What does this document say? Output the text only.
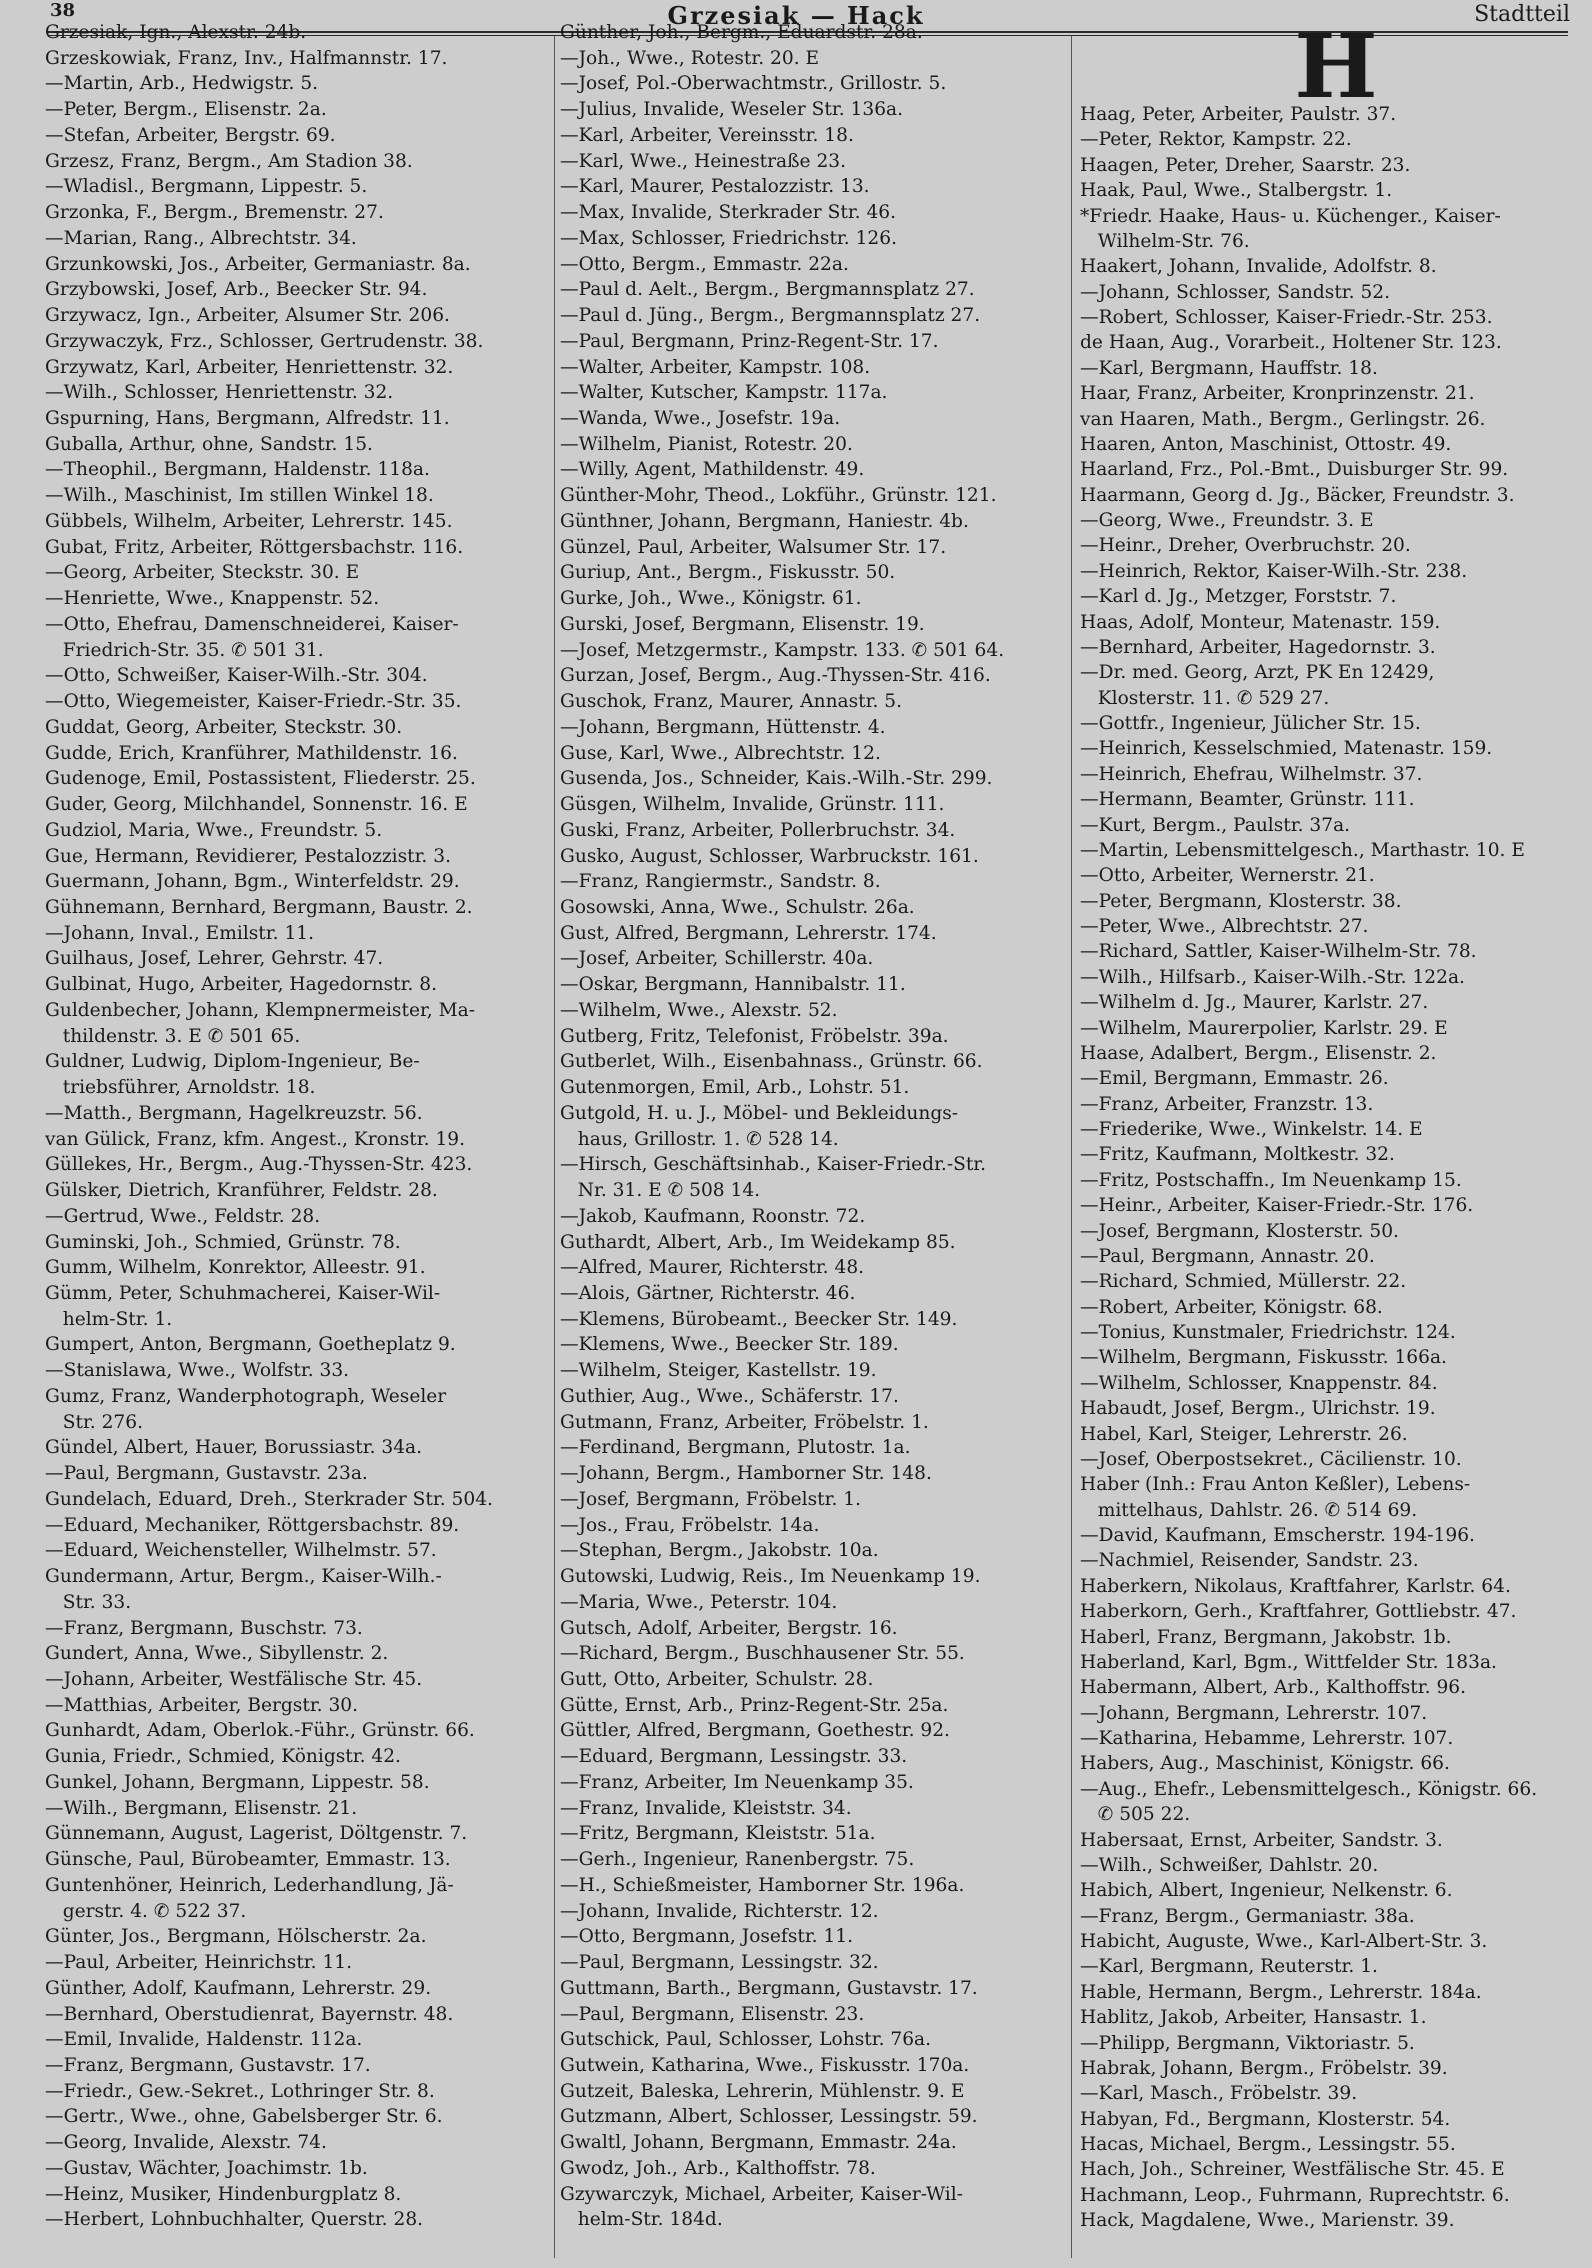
38	Grzesiak — Hack	Stadtteil
Grzesiak, Ign., Alexstr. 24b.
Grzeskowiak, Franz, Inv., Halfmannstr. 17.
—Martin, Arb., Hedwigstr. 5.
—Peter, Bergm., Elisenstr. 2a.
—Stefan, Arbeiter, Bergstr. 69.
Grzesz, Franz, Bergm., Am Stadion 38.
—Wladisl., Bergmann, Lippestr. 5.
Grzonka, F., Bergm., Bremenstr. 27.
—Marian, Rang., Albrechtstr. 34.
Grzunkowski, Jos., Arbeiter, Germaniastr. 8a.
Grzybowski, Josef, Arb., Beecker Str. 94.
Grzywacz, Ign., Arbeiter, Alsumer Str. 206.
Grzywaczyk, Frz., Schlosser, Gertrudenstr. 38.
Grzywatz, Karl, Arbeiter, Henriettenstr. 32.
—Wilh., Schlosser, Henriettenstr. 32.
Gspurning, Hans, Bergmann, Alfredstr. 11.
Guballa, Arthur, ohne, Sandstr. 15.
—Theophil., Bergmann, Haldenstr. 118a.
—Wilh., Maschinist, Im stillen Winkel 18.
Gübbels, Wilhelm, Arbeiter, Lehrerstr. 145.
Gubat, Fritz, Arbeiter, Röttgersbachstr. 116.
—Georg, Arbeiter, Steckstr. 30. E
—Henriette, Wwe., Knappenstr. 52.
—Otto, Ehefrau, Damenschneiderei, Kaiser-
Friedrich-Str. 35. ✆ 501 31.
—Otto, Schweißer, Kaiser-Wilh.-Str. 304.
—Otto, Wiegemeister, Kaiser-Friedr.-Str. 35.
Guddat, Georg, Arbeiter, Steckstr. 30.
Gudde, Erich, Kranführer, Mathildenstr. 16.
Gudenoge, Emil, Postassistent, Fliederstr. 25.
Guder, Georg, Milchhandel, Sonnenstr. 16. E
Gudziol, Maria, Wwe., Freundstr. 5.
Gue, Hermann, Revidierer, Pestalozzistr. 3.
Guermann, Johann, Bgm., Winterfeldstr. 29.
Gühnemann, Bernhard, Bergmann, Baustr. 2.
—Johann, Inval., Emilstr. 11.
Guilhaus, Josef, Lehrer, Gehrstr. 47.
Gulbinat, Hugo, Arbeiter, Hagedornstr. 8.
Guldenbecher, Johann, Klempnermeister, Ma-
thildenstr. 3. E ✆ 501 65.
Guldner, Ludwig, Diplom-Ingenieur, Be-
triebsführer, Arnoldstr. 18.
—Matth., Bergmann, Hagelkreuzstr. 56.
van Gülick, Franz, kfm. Angest., Kronstr. 19.
Güllekes, Hr., Bergm., Aug.-Thyssen-Str. 423.
Gülsker, Dietrich, Kranführer, Feldstr. 28.
—Gertrud, Wwe., Feldstr. 28.
Guminski, Joh., Schmied, Grünstr. 78.
Gumm, Wilhelm, Konrektor, Alleestr. 91.
Gümm, Peter, Schuhmacherei, Kaiser-Wil-
helm-Str. 1.
Gumpert, Anton, Bergmann, Goetheplatz 9.
—Stanislawa, Wwe., Wolfstr. 33.
Gumz, Franz, Wanderphotograph, Weseler
Str. 276.
Gündel, Albert, Hauer, Borussiastr. 34a.
—Paul, Bergmann, Gustavstr. 23a.
Gundelach, Eduard, Dreh., Sterkrader Str. 504.
—Eduard, Mechaniker, Röttgersbachstr. 89.
—Eduard, Weichensteller, Wilhelmstr. 57.
Gundermann, Artur, Bergm., Kaiser-Wilh.-
Str. 33.
—Franz, Bergmann, Buschstr. 73.
Gundert, Anna, Wwe., Sibyllenstr. 2.
—Johann, Arbeiter, Westfälische Str. 45.
—Matthias, Arbeiter, Bergstr. 30.
Gunhardt, Adam, Oberlok.-Führ., Grünstr. 66.
Gunia, Friedr., Schmied, Königstr. 42.
Gunkel, Johann, Bergmann, Lippestr. 58.
—Wilh., Bergmann, Elisenstr. 21.
Günnemann, August, Lagerist, Döltgenstr. 7.
Günsche, Paul, Bürobeamter, Emmastr. 13.
Guntenhöner, Heinrich, Lederhandlung, Jä-
gerstr. 4. ✆ 522 37.
Günter, Jos., Bergmann, Hölscherstr. 2a.
—Paul, Arbeiter, Heinrichstr. 11.
Günther, Adolf, Kaufmann, Lehrerstr. 29.
—Bernhard, Oberstudienrat, Bayernstr. 48.
—Emil, Invalide, Haldenstr. 112a.
—Franz, Bergmann, Gustavstr. 17.
—Friedr., Gew.-Sekret., Lothringer Str. 8.
—Gertr., Wwe., ohne, Gabelsberger Str. 6.
—Georg, Invalide, Alexstr. 74.
—Gustav, Wächter, Joachimstr. 1b.
—Heinz, Musiker, Hindenburgplatz 8.
—Herbert, Lohnbuchhalter, Querstr. 28.
Günther, Joh., Bergm., Eduardstr. 28a.
—Joh., Wwe., Rotestr. 20. E
—Josef, Pol.-Oberwachtmstr., Grillostr. 5.
—Julius, Invalide, Weseler Str. 136a.
—Karl, Arbeiter, Vereinsstr. 18.
—Karl, Wwe., Heinestraße 23.
—Karl, Maurer, Pestalozzistr. 13.
—Max, Invalide, Sterkrader Str. 46.
—Max, Schlosser, Friedrichstr. 126.
—Otto, Bergm., Emmastr. 22a.
—Paul d. Aelt., Bergm., Bergmannsplatz 27.
—Paul d. Jüng., Bergm., Bergmannsplatz 27.
—Paul, Bergmann, Prinz-Regent-Str. 17.
—Walter, Arbeiter, Kampstr. 108.
—Walter, Kutscher, Kampstr. 117a.
—Wanda, Wwe., Josefstr. 19a.
—Wilhelm, Pianist, Rotestr. 20.
—Willy, Agent, Mathildenstr. 49.
Günther-Mohr, Theod., Lokführ., Grünstr. 121.
Günthner, Johann, Bergmann, Haniestr. 4b.
Günzel, Paul, Arbeiter, Walsumer Str. 17.
Guriup, Ant., Bergm., Fiskusstr. 50.
Gurke, Joh., Wwe., Königstr. 61.
Gurski, Josef, Bergmann, Elisenstr. 19.
—Josef, Metzgermstr., Kampstr. 133. ✆ 501 64.
Gurzan, Josef, Bergm., Aug.-Thyssen-Str. 416.
Guschok, Franz, Maurer, Annastr. 5.
—Johann, Bergmann, Hüttenstr. 4.
Guse, Karl, Wwe., Albrechtstr. 12.
Gusenda, Jos., Schneider, Kais.-Wilh.-Str. 299.
Güsgen, Wilhelm, Invalide, Grünstr. 111.
Guski, Franz, Arbeiter, Pollerbruchstr. 34.
Gusko, August, Schlosser, Warbruckstr. 161.
—Franz, Rangiermstr., Sandstr. 8.
Gosowski, Anna, Wwe., Schulstr. 26a.
Gust, Alfred, Bergmann, Lehrerstr. 174.
—Josef, Arbeiter, Schillerstr. 40a.
—Oskar, Bergmann, Hannibalstr. 11.
—Wilhelm, Wwe., Alexstr. 52.
Gutberg, Fritz, Telefonist, Fröbelstr. 39a.
Gutberlet, Wilh., Eisenbahnass., Grünstr. 66.
Gutenmorgen, Emil, Arb., Lohstr. 51.
Gutgold, H. u. J., Möbel- und Bekleidungs-
haus, Grillostr. 1. ✆ 528 14.
—Hirsch, Geschäftsinhab., Kaiser-Friedr.-Str.
Nr. 31. E ✆ 508 14.
—Jakob, Kaufmann, Roonstr. 72.
Guthardt, Albert, Arb., Im Weidekamp 85.
—Alfred, Maurer, Richterstr. 48.
—Alois, Gärtner, Richterstr. 46.
—Klemens, Bürobeamt., Beecker Str. 149.
—Klemens, Wwe., Beecker Str. 189.
—Wilhelm, Steiger, Kastellstr. 19.
Guthier, Aug., Wwe., Schäferstr. 17.
Gutmann, Franz, Arbeiter, Fröbelstr. 1.
—Ferdinand, Bergmann, Plutostr. 1a.
—Johann, Bergm., Hamborner Str. 148.
—Josef, Bergmann, Fröbelstr. 1.
—Jos., Frau, Fröbelstr. 14a.
—Stephan, Bergm., Jakobstr. 10a.
Gutowski, Ludwig, Reis., Im Neuenkamp 19.
—Maria, Wwe., Peterstr. 104.
Gutsch, Adolf, Arbeiter, Bergstr. 16.
—Richard, Bergm., Buschhausener Str. 55.
Gutt, Otto, Arbeiter, Schulstr. 28.
Gütte, Ernst, Arb., Prinz-Regent-Str. 25a.
Güttler, Alfred, Bergmann, Goethestr. 92.
—Eduard, Bergmann, Lessingstr. 33.
—Franz, Arbeiter, Im Neuenkamp 35.
—Franz, Invalide, Kleiststr. 34.
—Fritz, Bergmann, Kleiststr. 51a.
—Gerh., Ingenieur, Ranenbergstr. 75.
—H., Schießmeister, Hamborner Str. 196a.
—Johann, Invalide, Richterstr. 12.
—Otto, Bergmann, Josefstr. 11.
—Paul, Bergmann, Lessingstr. 32.
Guttmann, Barth., Bergmann, Gustavstr. 17.
—Paul, Bergmann, Elisenstr. 23.
Gutschick, Paul, Schlosser, Lohstr. 76a.
Gutwein, Katharina, Wwe., Fiskusstr. 170a.
Gutzeit, Baleska, Lehrerin, Mühlenstr. 9. E
Gutzmann, Albert, Schlosser, Lessingstr. 59.
Gwaltl, Johann, Bergmann, Emmastr. 24a.
Gwodz, Joh., Arb., Kalthoffstr. 78.
Gzywarczyk, Michael, Arbeiter, Kaiser-Wil-
helm-Str. 184d.
H
Haag, Peter, Arbeiter, Paulstr. 37.
—Peter, Rektor, Kampstr. 22.
Haagen, Peter, Dreher, Saarstr. 23.
Haak, Paul, Wwe., Stalbergstr. 1.
*Friedr. Haake, Haus- u. Küchenger., Kaiser-
Wilhelm-Str. 76.
Haakert, Johann, Invalide, Adolfstr. 8.
—Johann, Schlosser, Sandstr. 52.
—Robert, Schlosser, Kaiser-Friedr.-Str. 253.
de Haan, Aug., Vorarbeit., Holtener Str. 123.
—Karl, Bergmann, Hauffstr. 18.
Haar, Franz, Arbeiter, Kronprinzenstr. 21.
van Haaren, Math., Bergm., Gerlingstr. 26.
Haaren, Anton, Maschinist, Ottostr. 49.
Haarland, Frz., Pol.-Bmt., Duisburger Str. 99.
Haarmann, Georg d. Jg., Bäcker, Freundstr. 3.
—Georg, Wwe., Freundstr. 3. E
—Heinr., Dreher, Overbruchstr. 20.
—Heinrich, Rektor, Kaiser-Wilh.-Str. 238.
—Karl d. Jg., Metzger, Forststr. 7.
Haas, Adolf, Monteur, Matenastr. 159.
—Bernhard, Arbeiter, Hagedornstr. 3.
—Dr. med. Georg, Arzt, PK En 12429,
Klosterstr. 11. ✆ 529 27.
—Gottfr., Ingenieur, Jülicher Str. 15.
—Heinrich, Kesselschmied, Matenastr. 159.
—Heinrich, Ehefrau, Wilhelmstr. 37.
—Hermann, Beamter, Grünstr. 111.
—Kurt, Bergm., Paulstr. 37a.
—Martin, Lebensmittelgesch., Marthastr. 10. E
—Otto, Arbeiter, Wernerstr. 21.
—Peter, Bergmann, Klosterstr. 38.
—Peter, Wwe., Albrechtstr. 27.
—Richard, Sattler, Kaiser-Wilhelm-Str. 78.
—Wilh., Hilfsarb., Kaiser-Wilh.-Str. 122a.
—Wilhelm d. Jg., Maurer, Karlstr. 27.
—Wilhelm, Maurerpolier, Karlstr. 29. E
Haase, Adalbert, Bergm., Elisenstr. 2.
—Emil, Bergmann, Emmastr. 26.
—Franz, Arbeiter, Franzstr. 13.
—Friederike, Wwe., Winkelstr. 14. E
—Fritz, Kaufmann, Moltkestr. 32.
—Fritz, Postschaffn., Im Neuenkamp 15.
—Heinr., Arbeiter, Kaiser-Friedr.-Str. 176.
—Josef, Bergmann, Klosterstr. 50.
—Paul, Bergmann, Annastr. 20.
—Richard, Schmied, Müllerstr. 22.
—Robert, Arbeiter, Königstr. 68.
—Tonius, Kunstmaler, Friedrichstr. 124.
—Wilhelm, Bergmann, Fiskusstr. 166a.
—Wilhelm, Schlosser, Knappenstr. 84.
Habaudt, Josef, Bergm., Ulrichstr. 19.
Habel, Karl, Steiger, Lehrerstr. 26.
—Josef, Oberpostsekret., Cäcilienstr. 10.
Haber (Inh.: Frau Anton Keßler), Lebens-
mittelhaus, Dahlstr. 26. ✆ 514 69.
—David, Kaufmann, Emscherstr. 194-196.
—Nachmiel, Reisender, Sandstr. 23.
Haberkern, Nikolaus, Kraftfahrer, Karlstr. 64.
Haberkorn, Gerh., Kraftfahrer, Gottliebstr. 47.
Haberl, Franz, Bergmann, Jakobstr. 1b.
Haberland, Karl, Bgm., Wittfelder Str. 183a.
Habermann, Albert, Arb., Kalthoffstr. 96.
—Johann, Bergmann, Lehrerstr. 107.
—Katharina, Hebamme, Lehrerstr. 107.
Habers, Aug., Maschinist, Königstr. 66.
—Aug., Ehefr., Lebensmittelgesch., Königstr. 66.
✆ 505 22.
Habersaat, Ernst, Arbeiter, Sandstr. 3.
—Wilh., Schweißer, Dahlstr. 20.
Habich, Albert, Ingenieur, Nelkenstr. 6.
—Franz, Bergm., Germaniastr. 38a.
Habicht, Auguste, Wwe., Karl-Albert-Str. 3.
—Karl, Bergmann, Reuterstr. 1.
Hable, Hermann, Bergm., Lehrerstr. 184a.
Hablitz, Jakob, Arbeiter, Hansastr. 1.
—Philipp, Bergmann, Viktoriastr. 5.
Habrak, Johann, Bergm., Fröbelstr. 39.
—Karl, Masch., Fröbelstr. 39.
Habyan, Fd., Bergmann, Klosterstr. 54.
Hacas, Michael, Bergm., Lessingstr. 55.
Hach, Joh., Schreiner, Westfälische Str. 45. E
Hachmann, Leop., Fuhrmann, Ruprechtstr. 6.
Hack, Magdalene, Wwe., Marienstr. 39.
